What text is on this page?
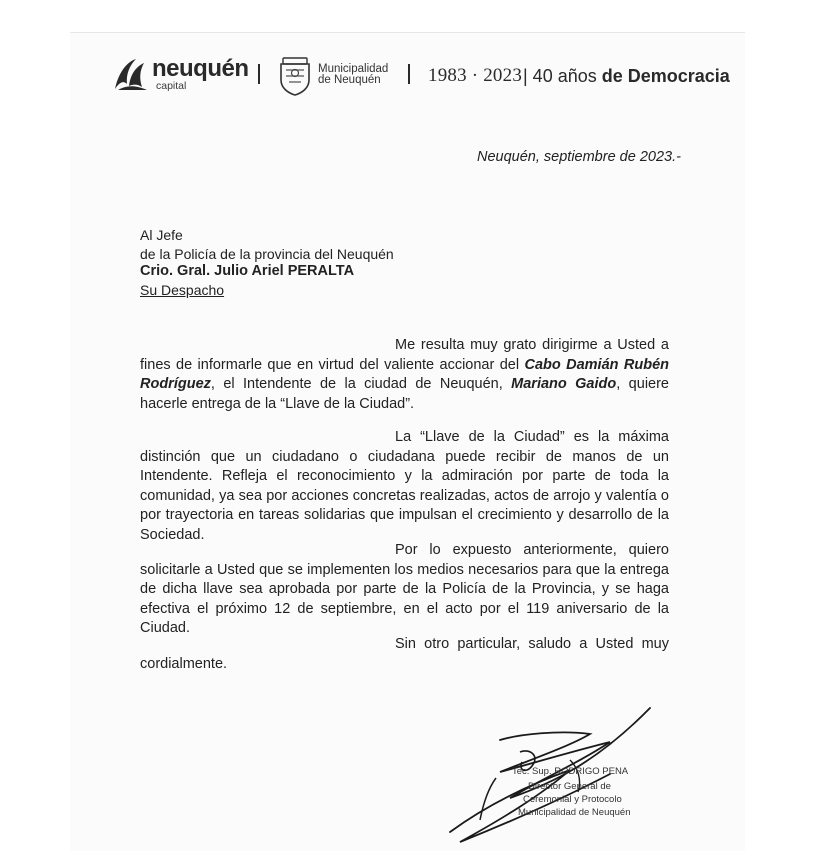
neuquén
capital
Municipalidad
de Neuquén 1983 · 2023 | 40 años de Democracia
Neuquén, septiembre de 2023.-
Al Jefe
de la Policía de la provincia del Neuquén
Crio. Gral. Julio Ariel PERALTA
Su Despacho

Me resulta muy grato dirigirme a Usted a fines de informarle que en virtud del valiente accionar del Cabo Damián Rubén Rodríguez, el Intendente de la ciudad de Neuquén, Mariano Gaido, quiere hacerle entrega de la “Llave de la Ciudad”.

La “Llave de la Ciudad” es la máxima distinción que un ciudadano o ciudadana puede recibir de manos de un Intendente. Refleja el reconocimiento y la admiración por parte de toda la comunidad, ya sea por acciones concretas realizadas, actos de arrojo y valentía o por trayectoria en tareas solidarias que impulsan el crecimiento y desarrollo de la Sociedad.

Por lo expuesto anteriormente, quiero solicitarle a Usted que se implementen los medios necesarios para que la entrega de dicha llave sea aprobada por parte de la Policía de la Provincia, y se haga efectiva el próximo 12 de septiembre, en el acto por el 119 aniversario de la Ciudad.

Sin otro particular, saludo a Usted muy cordialmente.

Tec. Sup. RODRIGO PENA
Director General de
Ceremonial y Protocolo
Municipalidad de Neuquén
